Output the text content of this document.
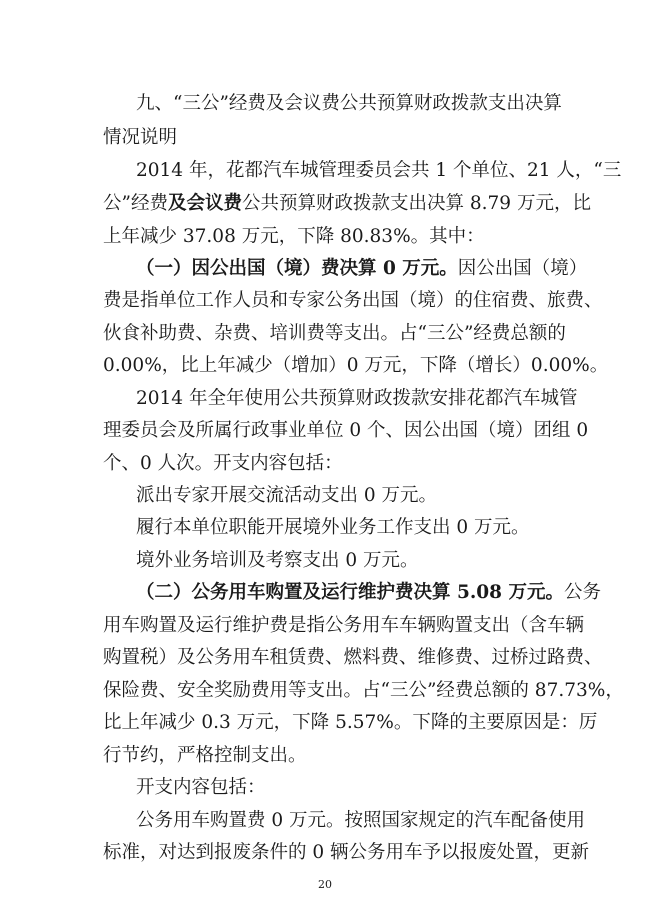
九、“三公”经费及会议费公共预算财政拨款支出决算
情况说明
2014 年，花都汽车城管理委员会共 1 个单位、21 人，“三
公”经费及会议费公共预算财政拨款支出决算 8.79 万元，比
上年减少 37.08 万元，下降 80.83%。其中：
（一）因公出国（境）费决算 0 万元。因公出国（境）
费是指单位工作人员和专家公务出国（境）的住宿费、旅费、
伙食补助费、杂费、培训费等支出。占“三公”经费总额的
0.00%，比上年减少（增加）0 万元，下降（增长）0.00%。
2014 年全年使用公共预算财政拨款安排花都汽车城管
理委员会及所属行政事业单位 0 个、因公出国（境）团组 0
个、0 人次。开支内容包括：
派出专家开展交流活动支出 0 万元。
履行本单位职能开展境外业务工作支出 0 万元。
境外业务培训及考察支出 0 万元。
（二）公务用车购置及运行维护费决算 5.08 万元。公务
用车购置及运行维护费是指公务用车车辆购置支出（含车辆
购置税）及公务用车租赁费、燃料费、维修费、过桥过路费、
保险费、安全奖励费用等支出。占“三公”经费总额的 87.73%，
比上年减少 0.3 万元，下降 5.57%。下降的主要原因是：厉
行节约，严格控制支出。
开支内容包括：
公务用车购置费 0 万元。按照国家规定的汽车配备使用
标准，对达到报废条件的 0 辆公务用车予以报废处置，更新
20
